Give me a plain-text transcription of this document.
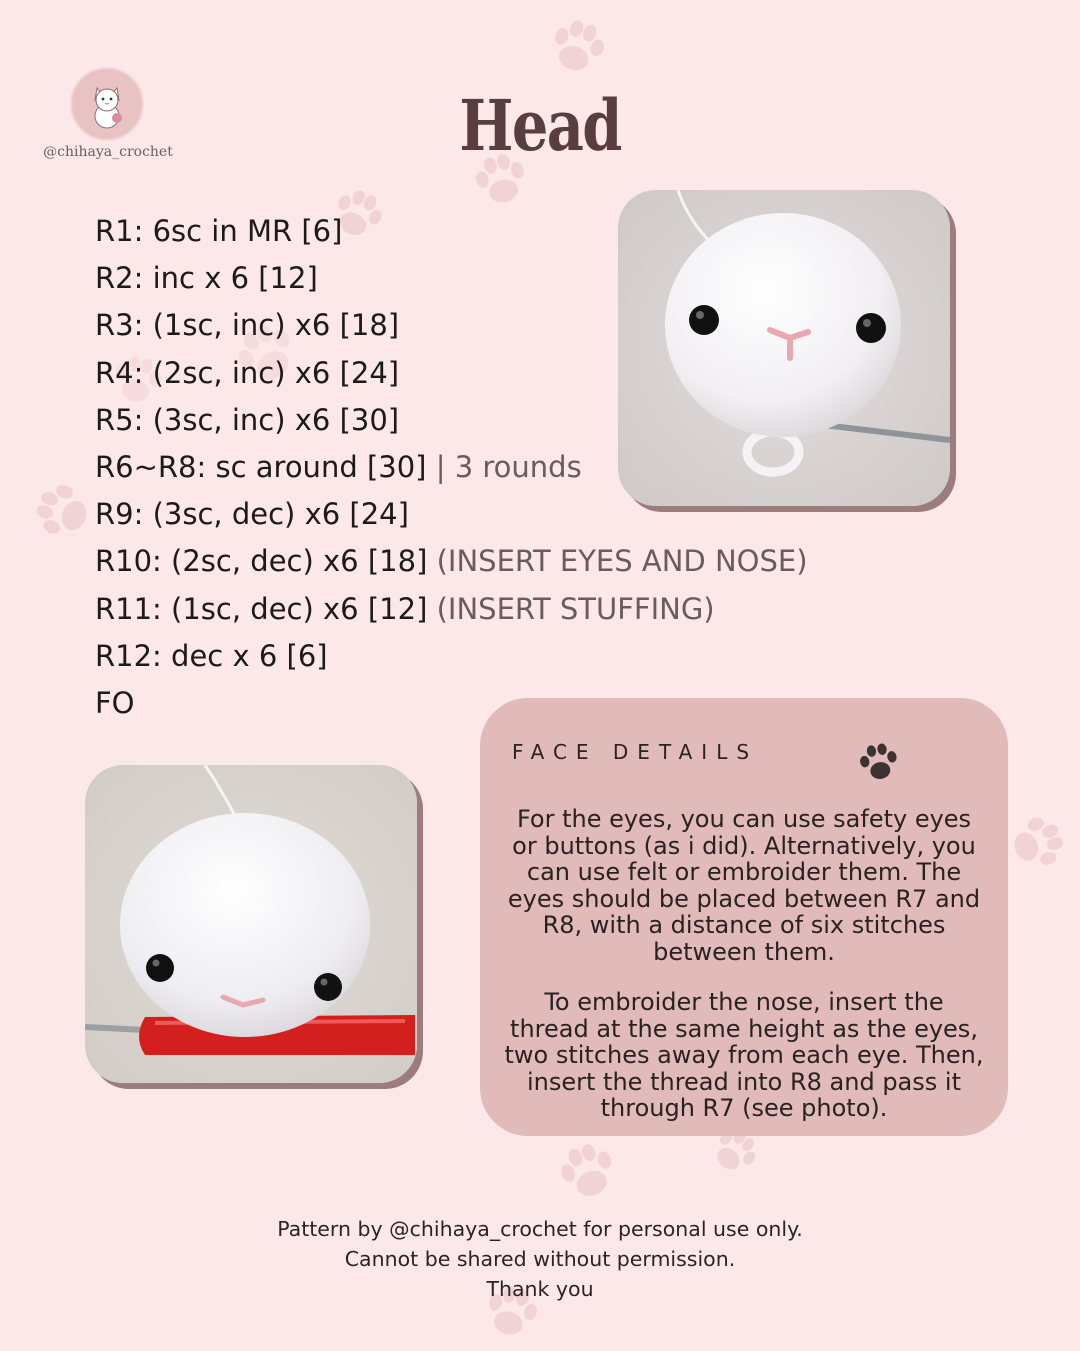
@chihaya_crochet	Head
R1: 6sc in MR [6]
R2: inc x 6 [12]
R3: (1sc, inc) x6 [18]
R4: (2sc, inc) x6 [24]
R5: (3sc, inc) x6 [30]
R6~R8: sc around [30] | 3 rounds
R9: (3sc, dec) x6 [24]
R10: (2sc, dec) x6 [18] (INSERT EYES AND NOSE)
R11: (1sc, dec) x6 [12] (INSERT STUFFING)
R12: dec x 6 [6]
FO
FACE DETAILS
For the eyes, you can use safety eyes or buttons (as i did). Alternatively, you can use felt or embroider them. The eyes should be placed between R7 and R8, with a distance of six stitches between them.
To embroider the nose, insert the thread at the same height as the eyes, two stitches away from each eye. Then, insert the thread into R8 and pass it through R7 (see photo).
Pattern by @chihaya_crochet for personal use only.
Cannot be shared without permission.
Thank you
